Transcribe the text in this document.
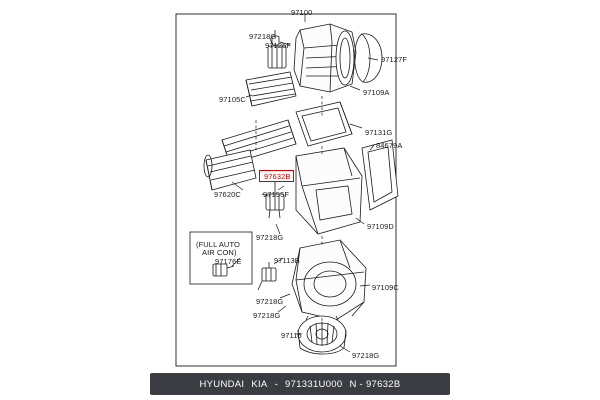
97100
97218G
97125F
97127F
97105C
97109A
97131G
84679A
97632B
97620C	97155F
97109D
97218G
(FULL AUTO
AIR CON)
97176E	97113B
97109C
97218G
97218G
97116
97218G
HYUNDAI KIA - 971331U000 N - 97632B
